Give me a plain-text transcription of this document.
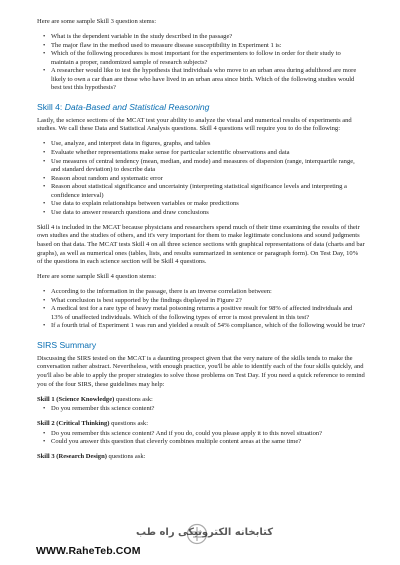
Here are some sample Skill 3 question stems:

• What is the dependent variable in the study described in the passage?
• The major flaw in the method used to measure disease susceptibility in Experiment 1 is:
• Which of the following procedures is most important for the experimenters to follow in order for their study to maintain a proper, randomized sample of research subjects?
• A researcher would like to test the hypothesis that individuals who move to an urban area during adulthood are more likely to own a car than are those who have lived in an urban area since birth. Which of the following studies would best test this hypothesis?
Skill 4: Data-Based and Statistical Reasoning

Lastly, the science sections of the MCAT test your ability to analyze the visual and numerical results of experiments and studies. We call these Data and Statistical Analysis questions. Skill 4 questions will require you to do the following:

• Use, analyze, and interpret data in figures, graphs, and tables
• Evaluate whether representations make sense for particular scientific observations and data
• Use measures of central tendency (mean, median, and mode) and measures of dispersion (range, interquartile range, and standard deviation) to describe data
• Reason about random and systematic error
• Reason about statistical significance and uncertainty (interpreting statistical significance levels and interpreting a confidence interval)
• Use data to explain relationships between variables or make predictions
• Use data to answer research questions and draw conclusions

Skill 4 is included in the MCAT because physicians and researchers spend much of their time examining the results of their own studies and the studies of others, and it's very important for them to make legitimate conclusions and sound judgments based on that data. The MCAT tests Skill 4 on all three science sections with graphical representations of data (charts and bar graphs), as well as numerical ones (tables, lists, and results summarized in sentence or paragraph form). On Test Day, 10% of the questions in each science section will be Skill 4 questions.

Here are some sample Skill 4 question stems:

• According to the information in the passage, there is an inverse correlation between:
• What conclusion is best supported by the findings displayed in Figure 2?
• A medical test for a rare type of heavy metal poisoning returns a positive result for 98% of affected individuals and 13% of unaffected individuals. Which of the following types of error is most prevalent in this test?
• If a fourth trial of Experiment 1 was run and yielded a result of 54% compliance, which of the following would be true?
SIRS Summary

Discussing the SIRS tested on the MCAT is a daunting prospect given that the very nature of the skills tends to make the conversation rather abstract. Nevertheless, with enough practice, you'll be able to identify each of the four skills quickly, and you'll also be able to apply the proper strategies to solve those problems on Test Day. If you need a quick reference to remind you of the four SIRS, these guidelines may help:

Skill 1 (Science Knowledge) questions ask:
• Do you remember this science content?
Skill 2 (Critical Thinking) questions ask:
• Do you remember this science content? And if you do, could you please apply it to this novel situation?
• Could you answer this question that cleverly combines multiple content areas at the same time?
Skill 3 (Research Design) questions ask:
کتابخانه الکترونیکی راه طب
WWW.RaheTeb.COM
